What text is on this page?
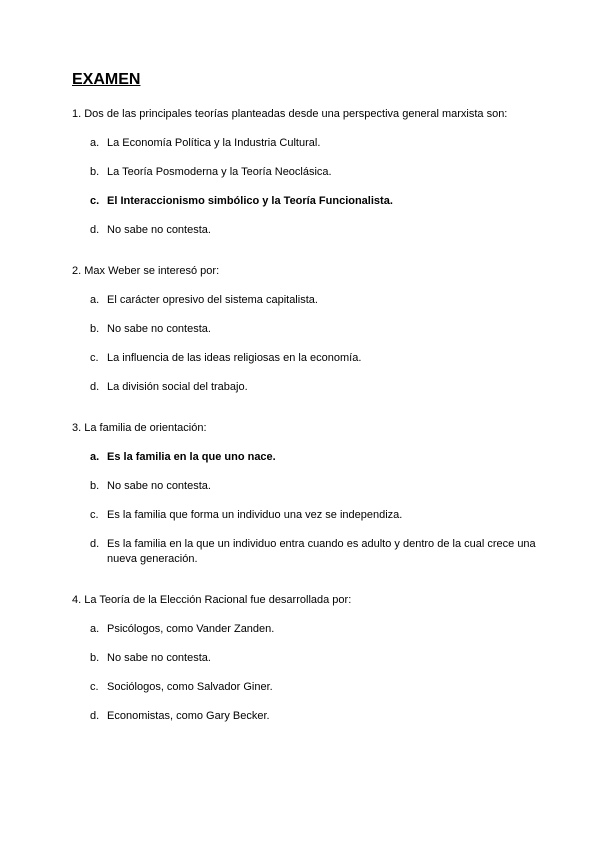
EXAMEN
1. Dos de las principales teorías planteadas desde una perspectiva general marxista son:
a. La Economía Política y la Industria Cultural.
b. La Teoría Posmoderna y la Teoría Neoclásica.
c. El Interaccionismo simbólico y la Teoría Funcionalista.
d. No sabe no contesta.
2. Max Weber se interesó por:
a. El carácter opresivo del sistema capitalista.
b. No sabe no contesta.
c. La influencia de las ideas religiosas en la economía.
d. La división social del trabajo.
3. La familia de orientación:
a. Es la familia en la que uno nace.
b. No sabe no contesta.
c. Es la familia que forma un individuo una vez se independiza.
d. Es la familia en la que un individuo entra cuando es adulto y dentro de la cual crece una nueva generación.
4. La Teoría de la Elección Racional fue desarrollada por:
a. Psicólogos, como Vander Zanden.
b. No sabe no contesta.
c. Sociólogos, como Salvador Giner.
d. Economistas, como Gary Becker.
